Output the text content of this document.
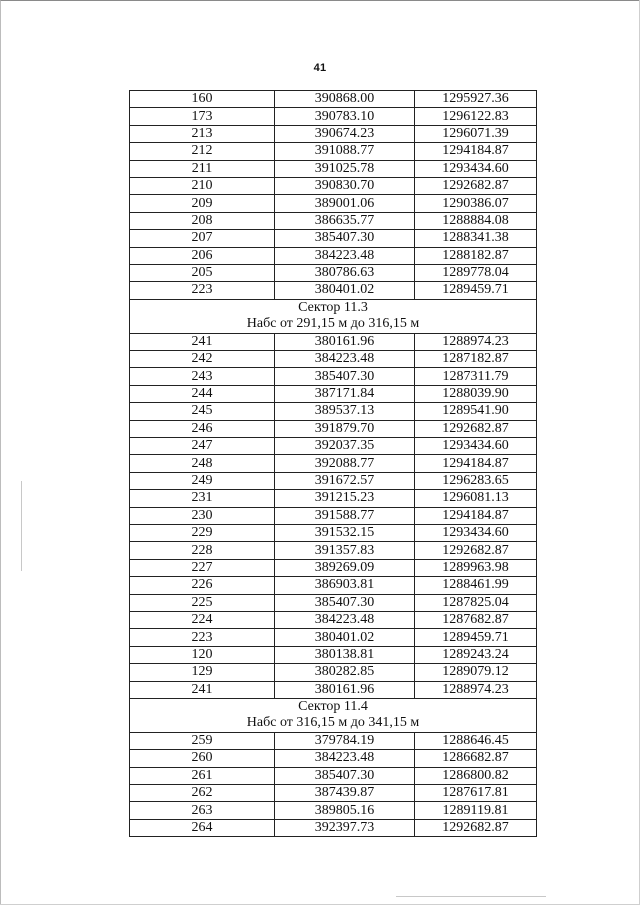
41
160	390868.00	1295927.36
173	390783.10	1296122.83
213	390674.23	1296071.39
212	391088.77	1294184.87
211	391025.78	1293434.60
210	390830.70	1292682.87
209	389001.06	1290386.07
208	386635.77	1288884.08
207	385407.30	1288341.38
206	384223.48	1288182.87
205	380786.63	1289778.04
223	380401.02	1289459.71

Сектор 11.3
Набс от 291,15 м до 316,15 м		

241	380161.96	1288974.23
242	384223.48	1287182.87
243	385407.30	1287311.79
244	387171.84	1288039.90
245	389537.13	1289541.90
246	391879.70	1292682.87
247	392037.35	1293434.60
248	392088.77	1294184.87
249	391672.57	1296283.65
231	391215.23	1296081.13
230	391588.77	1294184.87
229	391532.15	1293434.60
228	391357.83	1292682.87
227	389269.09	1289963.98
226	386903.81	1288461.99
225	385407.30	1287825.04
224	384223.48	1287682.87
223	380401.02	1289459.71
120	380138.81	1289243.24
129	380282.85	1289079.12
241	380161.96	1288974.23

Сектор 11.4
Набс от 316,15 м до 341,15 м		

259	379784.19	1288646.45
260	384223.48	1286682.87
261	385407.30	1286800.82
262	387439.87	1287617.81
263	389805.16	1289119.81
264	392397.73	1292682.87
